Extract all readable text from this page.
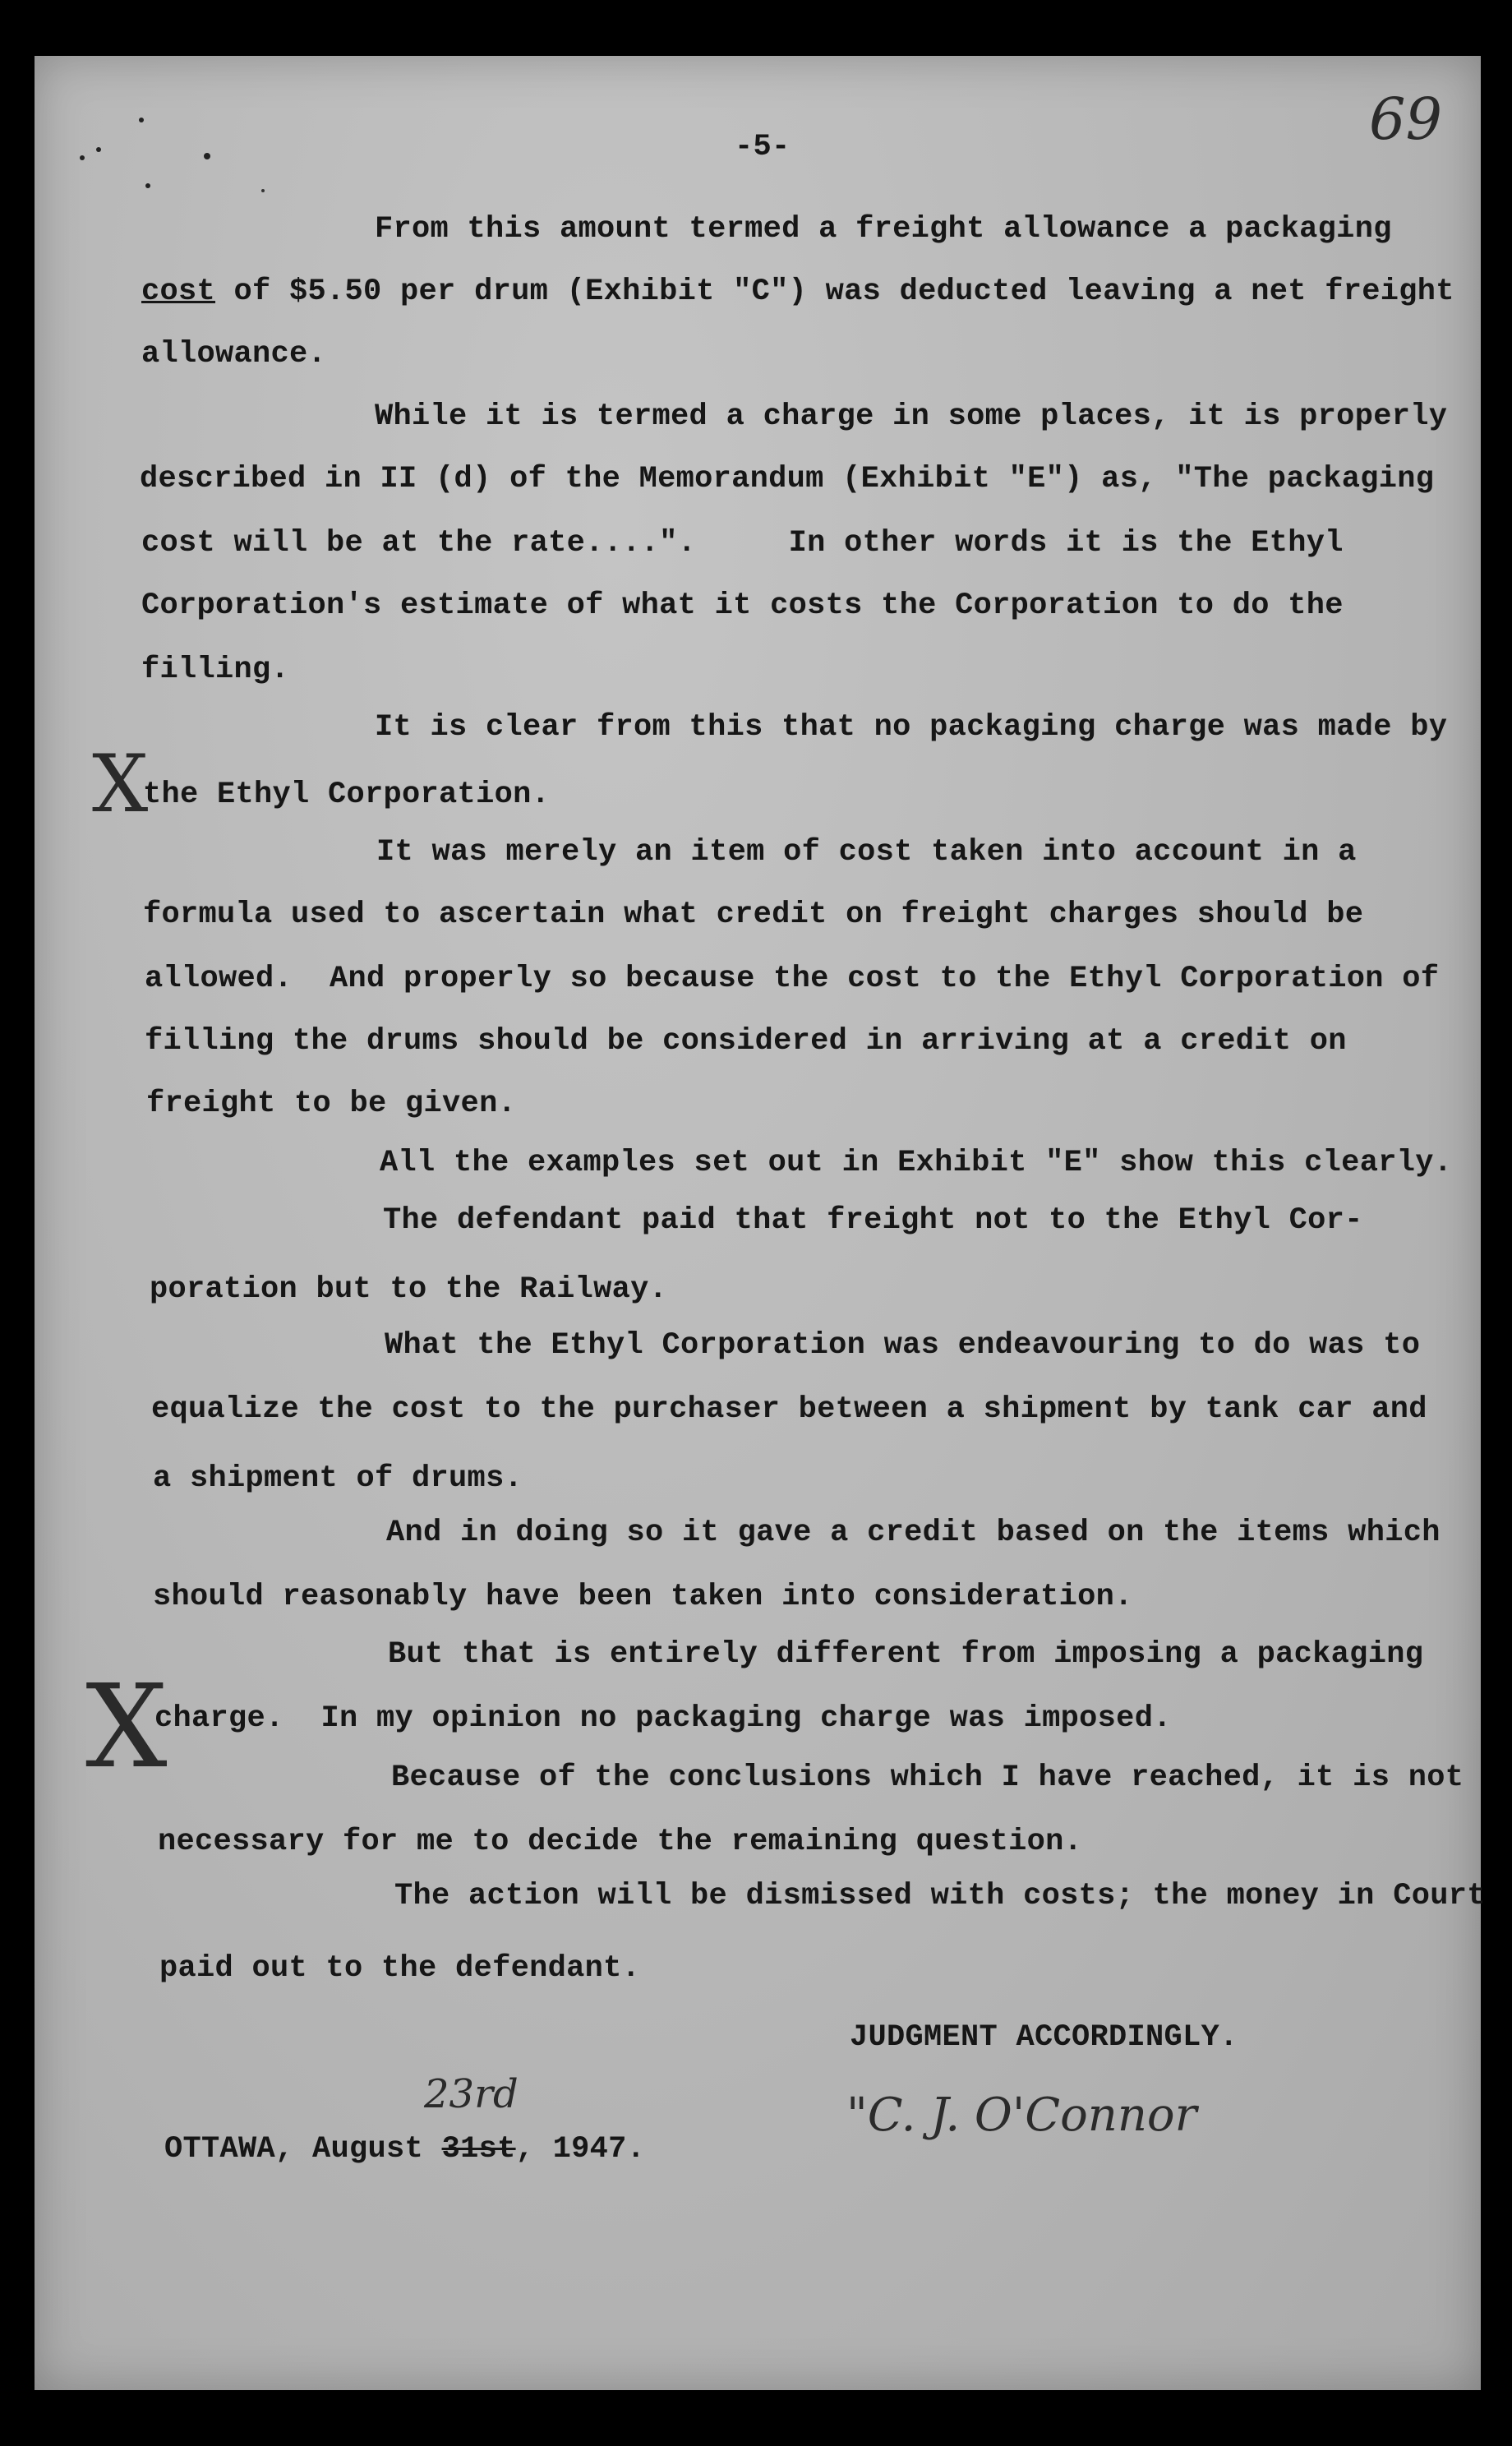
-5-	69
From this amount termed a freight allowance a packaging
cost of $5.50 per drum (Exhibit "C") was deducted leaving a net freight
allowance.
While it is termed a charge in some places, it is properly
described in II (d) of the Memorandum (Exhibit "E") as, "The packaging
cost will be at the rate....".     In other words it is the Ethyl
Corporation's estimate of what it costs the Corporation to do the
filling.
It is clear from this that no packaging charge was made by
the Ethyl Corporation.
It was merely an item of cost taken into account in a
formula used to ascertain what credit on freight charges should be
allowed.  And properly so because the cost to the Ethyl Corporation of
filling the drums should be considered in arriving at a credit on
freight to be given.
All the examples set out in Exhibit "E" show this clearly.
The defendant paid that freight not to the Ethyl Cor-
poration but to the Railway.
What the Ethyl Corporation was endeavouring to do was to
equalize the cost to the purchaser between a shipment by tank car and
a shipment of drums.
And in doing so it gave a credit based on the items which
should reasonably have been taken into consideration.
But that is entirely different from imposing a packaging
charge.  In my opinion no packaging charge was imposed.
Because of the conclusions which I have reached, it is not
necessary for me to decide the remaining question.
The action will be dismissed with costs; the money in Court
paid out to the defendant.
JUDGMENT ACCORDINGLY.
"C. J. O'Connor
OTTAWA, August 31st, 1947.
23rd
X
X
